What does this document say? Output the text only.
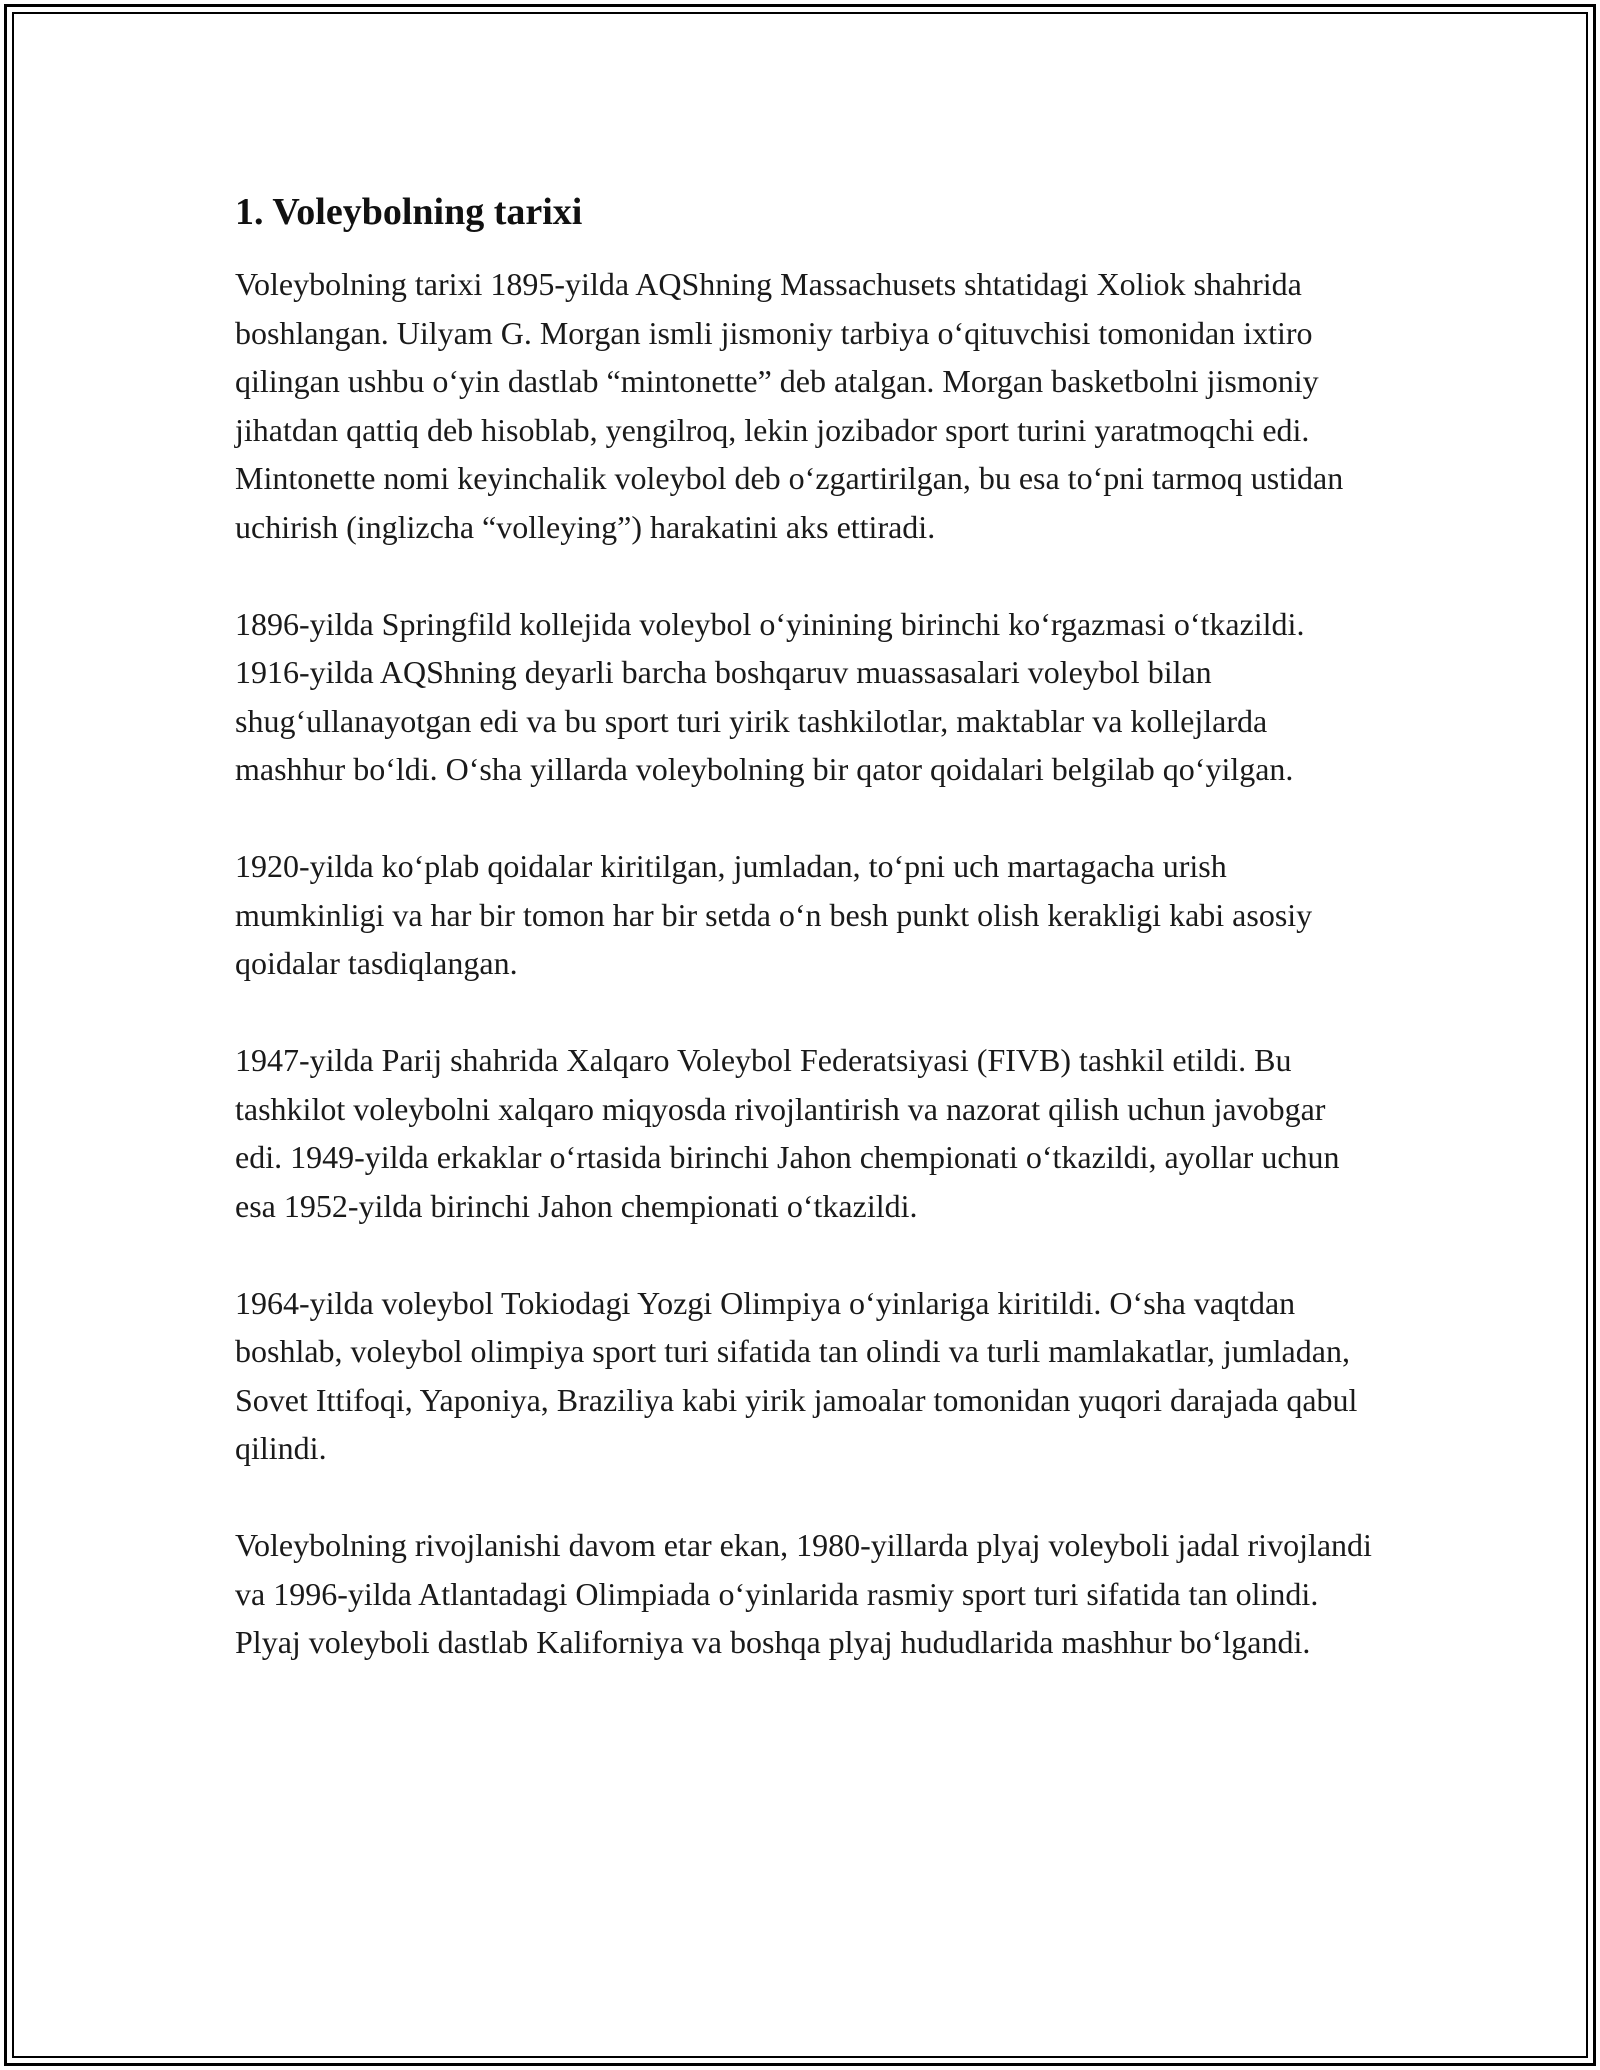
1. Voleybolning tarixi

Voleybolning tarixi 1895-yilda AQShning Massachusets shtatidagi Xoliok shahrida boshlangan. Uilyam G. Morgan ismli jismoniy tarbiya o‘qituvchisi tomonidan ixtiro qilingan ushbu o‘yin dastlab “mintonette” deb atalgan. Morgan basketbolni jismoniy jihatdan qattiq deb hisoblab, yengilroq, lekin jozibador sport turini yaratmoqchi edi. Mintonette nomi keyinchalik voleybol deb o‘zgartirilgan, bu esa to‘pni tarmoq ustidan uchirish (inglizcha “volleying”) harakatini aks ettiradi.

1896-yilda Springfild kollejida voleybol o‘yinining birinchi ko‘rgazmasi o‘tkazildi. 1916-yilda AQShning deyarli barcha boshqaruv muassasalari voleybol bilan shug‘ullanayotgan edi va bu sport turi yirik tashkilotlar, maktablar va kollejlarda mashhur bo‘ldi. O‘sha yillarda voleybolning bir qator qoidalari belgilab qo‘yilgan.

1920-yilda ko‘plab qoidalar kiritilgan, jumladan, to‘pni uch martagacha urish mumkinligi va har bir tomon har bir setda o‘n besh punkt olish kerakligi kabi asosiy qoidalar tasdiqlangan.

1947-yilda Parij shahrida Xalqaro Voleybol Federatsiyasi (FIVB) tashkil etildi. Bu tashkilot voleybolni xalqaro miqyosda rivojlantirish va nazorat qilish uchun javobgar edi. 1949-yilda erkaklar o‘rtasida birinchi Jahon chempionati o‘tkazildi, ayollar uchun esa 1952-yilda birinchi Jahon chempionati o‘tkazildi.

1964-yilda voleybol Tokiodagi Yozgi Olimpiya o‘yinlariga kiritildi. O‘sha vaqtdan boshlab, voleybol olimpiya sport turi sifatida tan olindi va turli mamlakatlar, jumladan, Sovet Ittifoqi, Yaponiya, Braziliya kabi yirik jamoalar tomonidan yuqori darajada qabul qilindi.

Voleybolning rivojlanishi davom etar ekan, 1980-yillarda plyaj voleyboli jadal rivojlandi va 1996-yilda Atlantadagi Olimpiada o‘yinlarida rasmiy sport turi sifatida tan olindi. Plyaj voleyboli dastlab Kaliforniya va boshqa plyaj hududlarida mashhur bo‘lgandi.
